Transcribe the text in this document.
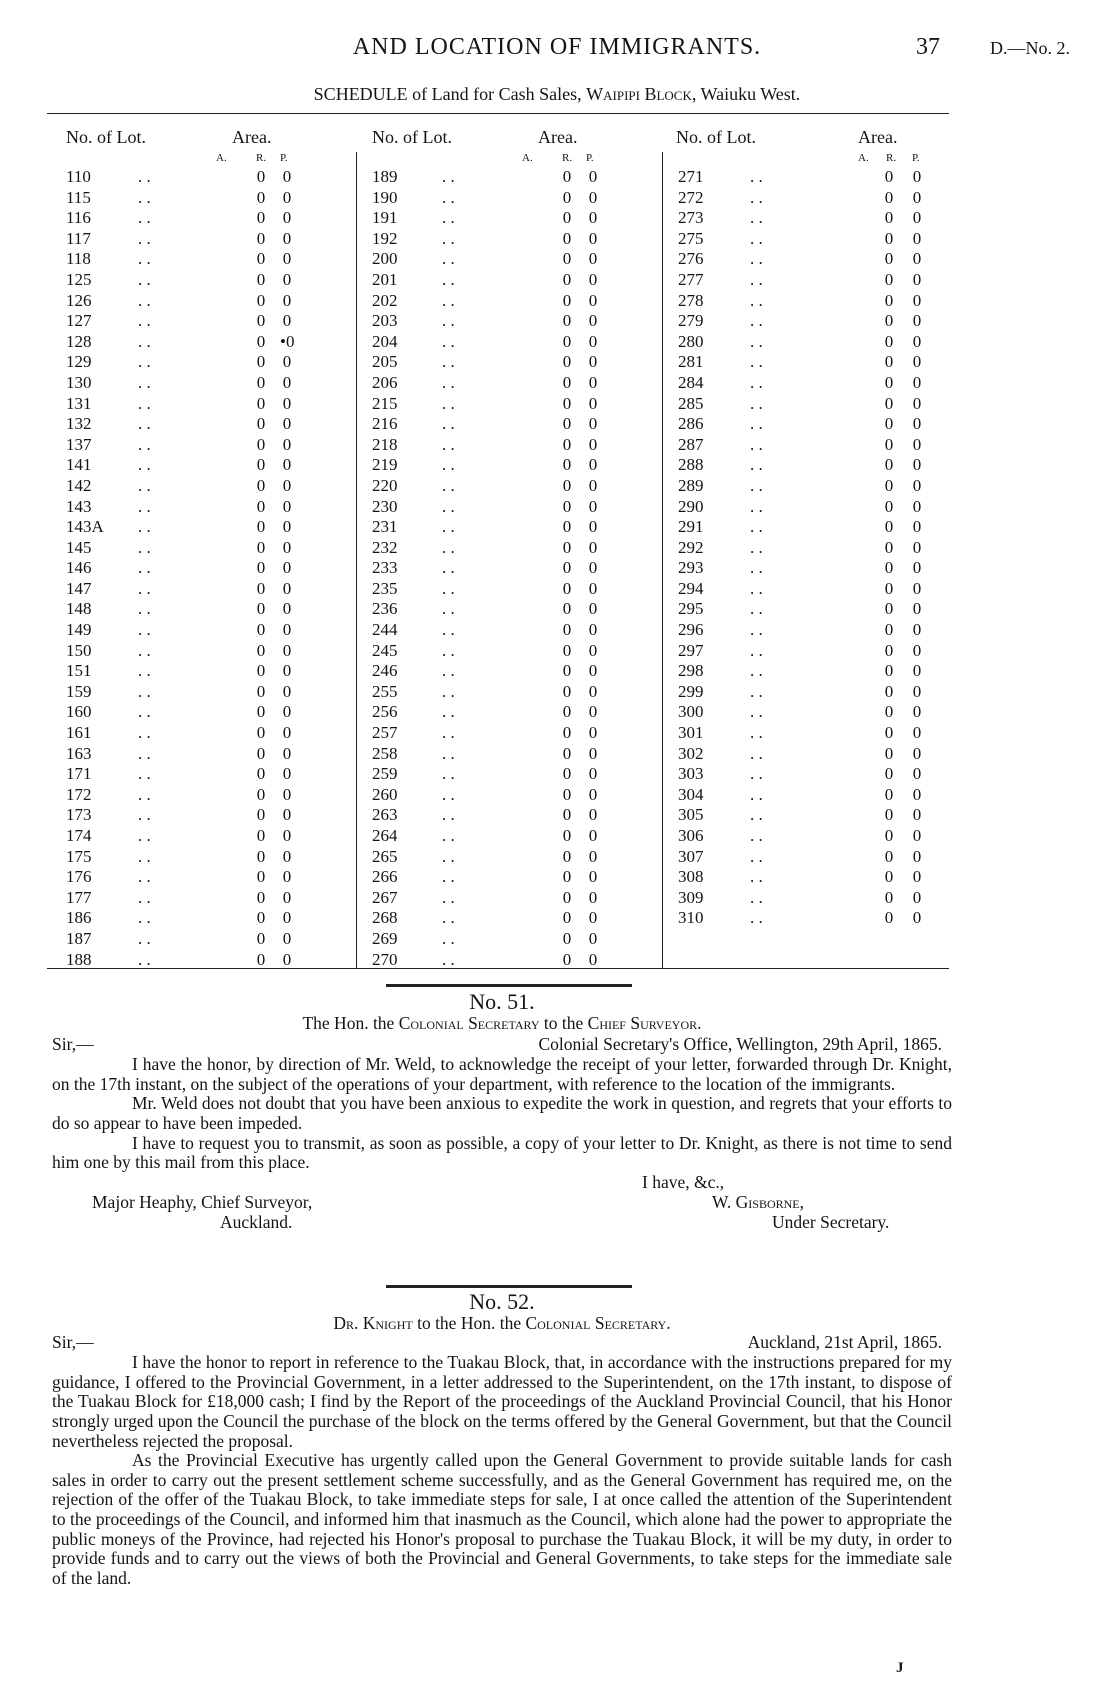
AND LOCATION OF IMMIGRANTS.	37	D.—No. 2.
SCHEDULE of Land for Cash Sales, Waipipi Block, Waiuku West.
No. of Lot.	Area.	No. of Lot.	Area.	No. of Lot.	Area.
A.	R. P.	A.	R. P.	A. R. P.
110	. .	0 0
115	. .	0 0
116	. .	0 0
117	. .	0 0
118	. .	0 0
125	. .	0 0
126	. .	0 0
127	. .	0 0
128	. .	0 •0
129	. .	0 0
130	. .	0 0
131	. .	0 0
132	. .	0 0
137	. .	0 0
141	. .	0 0
142	. .	0 0
143	. .	0 0
143A . .	0 0
145	. .	0 0
146	. .	0 0
147	. .	0 0
148	. .	0 0
149	. .	0 0
150	. .	0 0
151	. .	0 0
159	. .	0 0
160	. .	0 0
161	. .	0 0
163	. .	0 0
171	. .	0 0
172	. .	0 0
173	. .	0 0
174	. .	0 0
175	. .	0 0
176	. .	0 0
177	. .	0 0
186	. .	0 0
187	. .	0 0
188	. .	0 0
189	. .	0 0
190	. .	0 0
191	. .	0 0
192	. .	0 0
200	. .	0 0
201	. .	0 0
202	. .	0 0
203	. .	0 0
204	. .	0 0
205	. .	0 0
206	. .	0 0
215	. .	0 0
216	. .	0 0
218	. .	0 0
219	. .	0 0
220	. .	0 0
230	. .	0 0
231	. .	0 0
232	. .	0 0
233	. .	0 0
235	. .	0 0
236	. .	0 0
244	. .	0 0
245	. .	0 0
246	. .	0 0
255	. .	0 0
256	. .	0 0
257	. .	0 0
258	. .	0 0
259	. .	0 0
260	. .	0 0
263	. .	0 0
264	. .	0 0
265	. .	0 0
266	. .	0 0
267	. .	0 0
268	. .	0 0
269	. .	0 0
270	. .	0 0
271	. .	0 0
272	. .	0 0
273	. .	0 0
275	. .	0 0
276	. .	0 0
277	. .	0 0
278	. .	0 0
279	. .	0 0
280	. .	0 0
281	. .	0 0
284	. .	0 0
285	. .	0 0
286	. .	0 0
287	. .	0 0
288	. .	0 0
289	. .	0 0
290	. .	0 0
291	. .	0 0
292	. .	0 0
293	. .	0 0
294	. .	0 0
295	. .	0 0
296	. .	0 0
297	. .	0 0
298	. .	0 0
299	. .	0 0
300	. .	0 0
301	. .	0 0
302	. .	0 0
303	. .	0 0
304	. .	0 0
305	. .	0 0
306	. .	0 0
307	. .	0 0
308	. .	0 0
309	. .	0 0
310	. .	0 0
No. 51.
The Hon. the Colonial Secretary to the Chief Surveyor.
Sir,—	Colonial Secretary's Office, Wellington, 29th April, 1865.

I have the honor, by direction of Mr. Weld, to acknowledge the receipt of your letter, forwarded through Dr. Knight, on the 17th instant, on the subject of the operations of your department, with reference to the location of the immigrants.

Mr. Weld does not doubt that you have been anxious to expedite the work in question, and regrets that your efforts to do so appear to have been impeded.

I have to request you to transmit, as soon as possible, a copy of your letter to Dr. Knight, as there is not time to send him one by this mail from this place.

I have, &c.,
Major Heaphy, Chief Surveyor,	W. Gisborne,
Auckland.	Under Secretary.
No. 52.
Dr. Knight to the Hon. the Colonial Secretary.
Sir,—	Auckland, 21st April, 1865.

I have the honor to report in reference to the Tuakau Block, that, in accordance with the instructions prepared for my guidance, I offered to the Provincial Government, in a letter addressed to the Superintendent, on the 17th instant, to dispose of the Tuakau Block for £18,000 cash; I find by the Report of the proceedings of the Auckland Provincial Council, that his Honor strongly urged upon the Council the purchase of the block on the terms offered by the General Government, but that the Council nevertheless rejected the proposal.

As the Provincial Executive has urgently called upon the General Government to provide suitable lands for cash sales in order to carry out the present settlement scheme successfully, and as the General Government has required me, on the rejection of the offer of the Tuakau Block, to take immediate steps for sale, I at once called the attention of the Superintendent to the proceedings of the Council, and informed him that inasmuch as the Council, which alone had the power to appropriate the public moneys of the Province, had rejected his Honor's proposal to purchase the Tuakau Block, it will be my duty, in order to provide funds and to carry out the views of both the Provincial and General Governments, to take steps for the immediate sale of the land.

J
